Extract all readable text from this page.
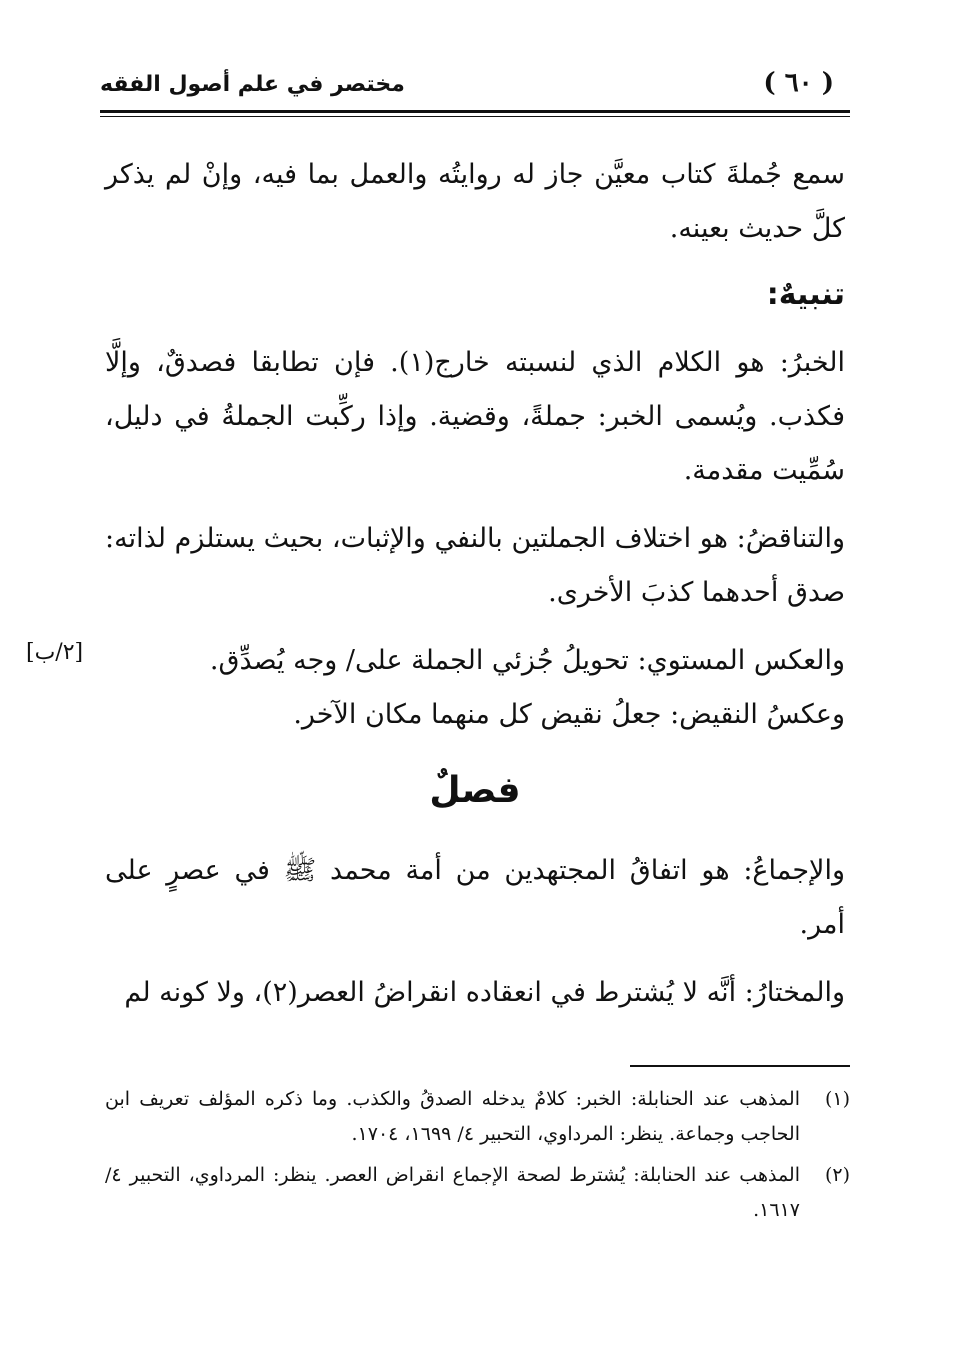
( ٦٠ )
مختصر في علم أصول الفقه

سمع جُملةَ كتاب معيَّن جاز له روايتُه والعمل بما فيه، وإنْ لم يذكر كلَّ حديث بعينه.

تنبيهٌ:

الخبرُ: هو الكلام الذي لنسبته خارج(١). فإن تطابقا فصدقٌ، وإلَّا فكذب. ويُسمى الخبر: جملةً، وقضية. وإذا ركِّبت الجملةُ في دليل، سُمِّيت مقدمة.

والتناقضُ: هو اختلاف الجملتين بالنفي والإثبات، بحيث يستلزم لذاته: صدق أحدهما كذبَ الأخرى.

والعكس المستوي: تحويلُ جُزئي الجملة على/ وجه يُصدِّق.

وعكسُ النقيض: جعلُ نقيض كل منهما مكان الآخر.

فصلٌ

والإجماعُ: هو اتفاقُ المجتهدين من أمة محمد ﷺ في عصرٍ على أمر.

والمختارُ: أنَّه لا يُشترط في انعقاده انقراضُ العصر(٢)، ولا كونه لم

[٢/ب]
(١)
المذهب عند الحنابلة: الخبر: كلامٌ يدخله الصدقُ والكذب. وما ذكره المؤلف تعريف ابن الحاجب وجماعة. ينظر: المرداوي، التحبير ٤/ ١٦٩٩، ١٧٠٤.
(٢)
المذهب عند الحنابلة: يُشترط لصحة الإجماع انقراض العصر. ينظر: المرداوي، التحبير ٤/ ١٦١٧.
